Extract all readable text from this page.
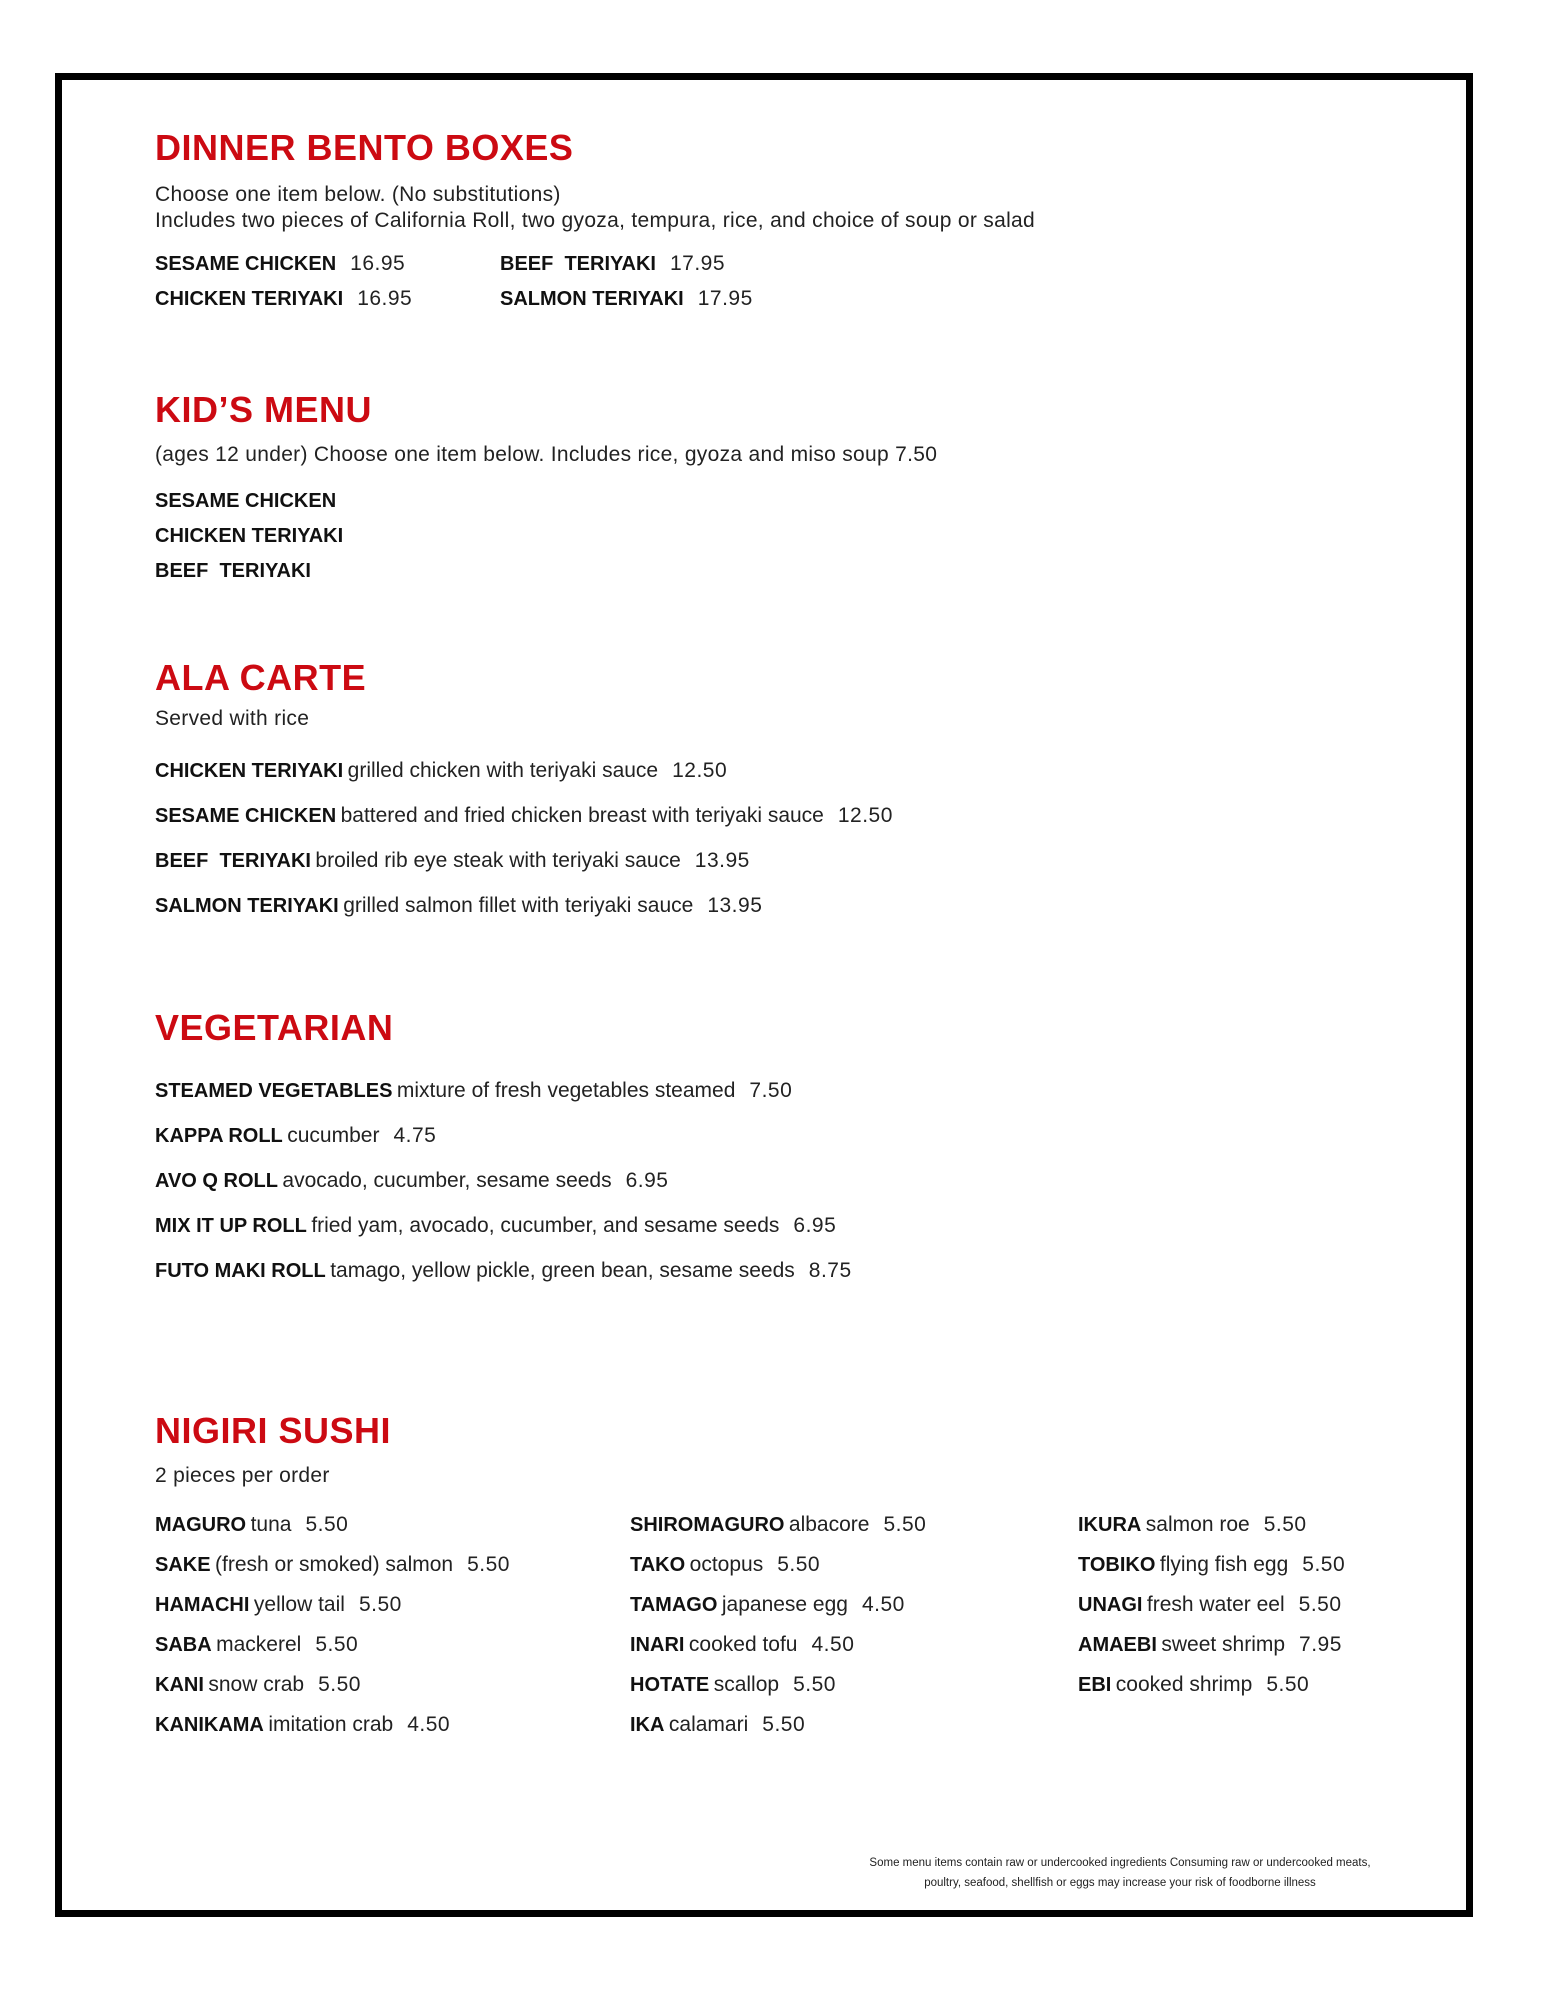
DINNER BENTO BOXES

Choose one item below. (No substitutions)

Includes two pieces of California Roll, two gyoza, tempura, rice, and choice of soup or salad

SESAME CHICKEN 16.95
CHICKEN TERIYAKI 16.95
BEEF  TERIYAKI 17.95
SALMON TERIYAKI 17.95
KID’S MENU

(ages 12 under) Choose one item below. Includes rice, gyoza and miso soup 7.50

SESAME CHICKEN
CHICKEN TERIYAKI
BEEF  TERIYAKI
ALA CARTE

Served with rice

CHICKEN TERIYAKI grilled chicken with teriyaki sauce 12.50
SESAME CHICKEN battered and fried chicken breast with teriyaki sauce 12.50
BEEF  TERIYAKI broiled rib eye steak with teriyaki sauce 13.95
SALMON TERIYAKI grilled salmon fillet with teriyaki sauce 13.95
VEGETARIAN
STEAMED VEGETABLES mixture of fresh vegetables steamed 7.50
KAPPA ROLL cucumber 4.75
AVO Q ROLL avocado, cucumber, sesame seeds 6.95
MIX IT UP ROLL fried yam, avocado, cucumber, and sesame seeds 6.95
FUTO MAKI ROLL tamago, yellow pickle, green bean, sesame seeds 8.75
NIGIRI SUSHI

2 pieces per order

MAGURO tuna 5.50
SAKE (fresh or smoked) salmon 5.50
HAMACHI yellow tail 5.50
SABA mackerel 5.50
KANI snow crab 5.50
KANIKAMA imitation crab 4.50
SHIROMAGURO albacore 5.50
TAKO octopus 5.50
TAMAGO japanese egg 4.50
INARI cooked tofu 4.50
HOTATE scallop 5.50
IKA calamari 5.50
IKURA salmon roe 5.50
TOBIKO flying fish egg 5.50
UNAGI fresh water eel 5.50
AMAEBI sweet shrimp 7.95
EBI cooked shrimp 5.50
Some menu items contain raw or undercooked ingredients Consuming raw or undercooked meats,
poultry, seafood, shellfish or eggs may increase your risk of foodborne illness
